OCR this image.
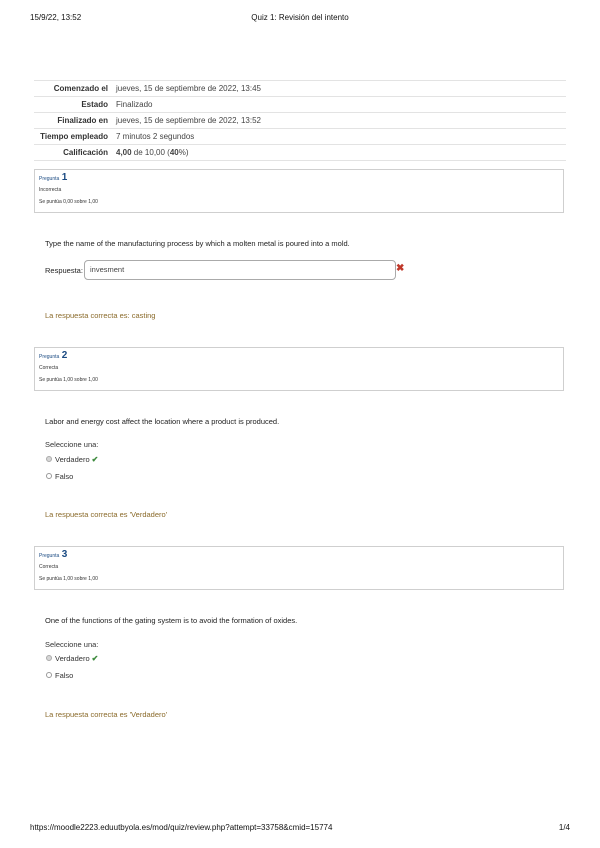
15/9/22, 13:52	Quiz 1: Revisión del intento
Comenzado el	jueves, 15 de septiembre de 2022, 13:45
Estado	Finalizado
Finalizado en	jueves, 15 de septiembre de 2022, 13:52
Tiempo empleado	7 minutos 2 segundos
Calificación	4,00 de 10,00 (40%)
Pregunta 1
Incorrecta
Se puntúa 0,00 sobre 1,00
Type the name of the manufacturing process by which a molten metal is poured into a mold.
Respuesta: invesment	✖
La respuesta correcta es: casting
Pregunta 2
Correcta
Se puntúa 1,00 sobre 1,00
Labor and energy cost affect the location where a product is produced.
Seleccione una:
Verdadero ✔
Falso
La respuesta correcta es 'Verdadero'
Pregunta 3
Correcta
Se puntúa 1,00 sobre 1,00
One of the functions of the gating system is to avoid the formation of oxides.
Seleccione una:
Verdadero ✔
Falso
La respuesta correcta es 'Verdadero'
https://moodle2223.eduutbyola.es/mod/quiz/review.php?attempt=33758&cmid=15774	1/4
